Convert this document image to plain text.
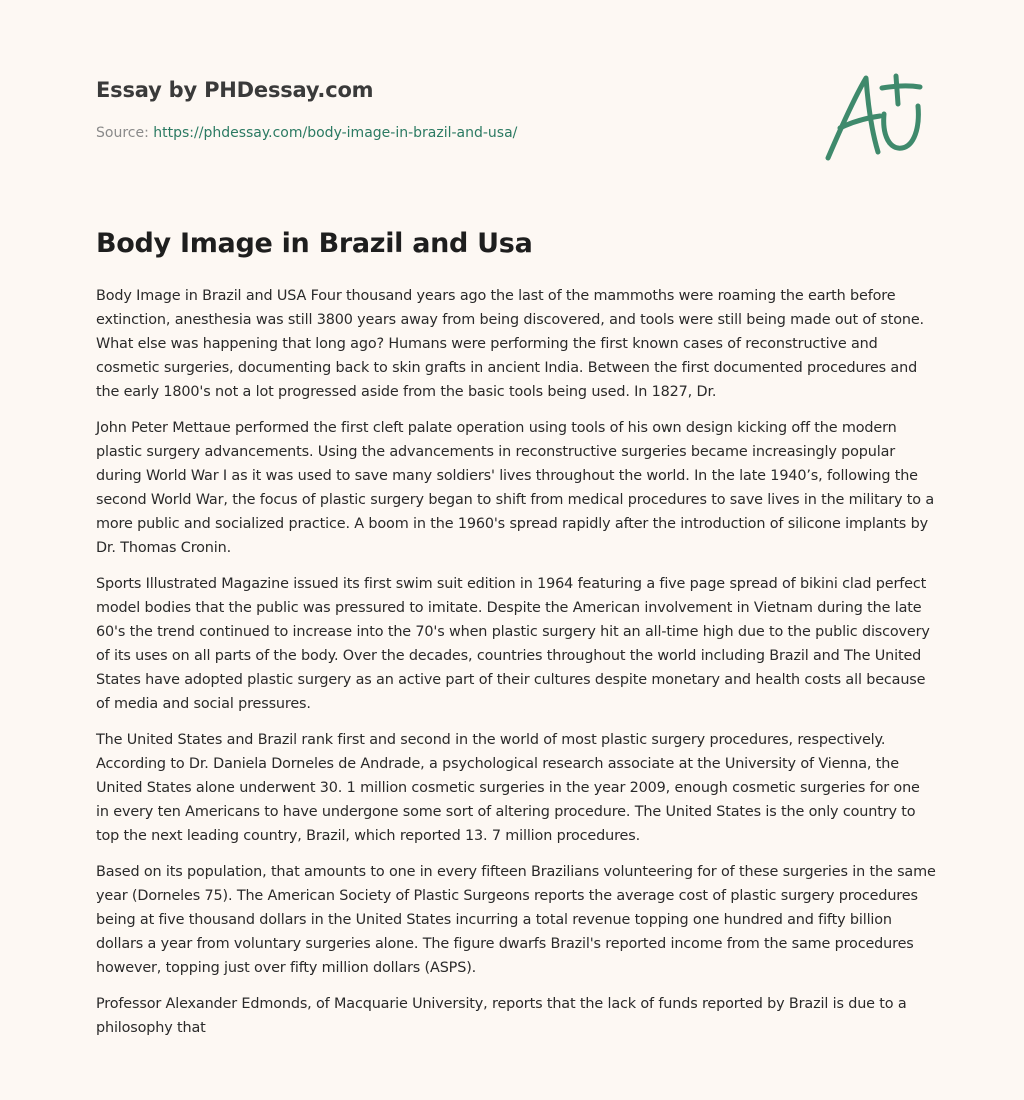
Essay by PHDessay.com
Source: https://phdessay.com/body-image-in-brazil-and-usa/
Body Image in Brazil and Usa

Body Image in Brazil and USA Four thousand years ago the last of the mammoths were roaming the earth before extinction, anesthesia was still 3800 years away from being discovered, and tools were still being made out of stone. What else was happening that long ago? Humans were performing the first known cases of reconstructive and cosmetic surgeries, documenting back to skin grafts in ancient India. Between the first documented procedures and the early 1800's not a lot progressed aside from the basic tools being used. In 1827, Dr.

John Peter Mettaue performed the first cleft palate operation using tools of his own design kicking off the modern plastic surgery advancements. Using the advancements in reconstructive surgeries became increasingly popular during World War I as it was used to save many soldiers' lives throughout the world. In the late 1940’s, following the second World War, the focus of plastic surgery began to shift from medical procedures to save lives in the military to a more public and socialized practice. A boom in the 1960's spread rapidly after the introduction of silicone implants by Dr. Thomas Cronin.

Sports Illustrated Magazine issued its first swim suit edition in 1964 featuring a five page spread of bikini clad perfect model bodies that the public was pressured to imitate. Despite the American involvement in Vietnam during the late 60's the trend continued to increase into the 70's when plastic surgery hit an all-time high due to the public discovery of its uses on all parts of the body. Over the decades, countries throughout the world including Brazil and The United States have adopted plastic surgery as an active part of their cultures despite monetary and health costs all because of media and social pressures.

The United States and Brazil rank first and second in the world of most plastic surgery procedures, respectively. According to Dr. Daniela Dorneles de Andrade, a psychological research associate at the University of Vienna, the United States alone underwent 30. 1 million cosmetic surgeries in the year 2009, enough cosmetic surgeries for one in every ten Americans to have undergone some sort of altering procedure. The United States is the only country to top the next leading country, Brazil, which reported 13. 7 million procedures.

Based on its population, that amounts to one in every fifteen Brazilians volunteering for of these surgeries in the same year (Dorneles 75). The American Society of Plastic Surgeons reports the average cost of plastic surgery procedures being at five thousand dollars in the United States incurring a total revenue topping one hundred and fifty billion dollars a year from voluntary surgeries alone. The figure dwarfs Brazil's reported income from the same procedures however, topping just over fifty million dollars (ASPS).

Professor Alexander Edmonds, of Macquarie University, reports that the lack of funds reported by Brazil is due to a philosophy that
